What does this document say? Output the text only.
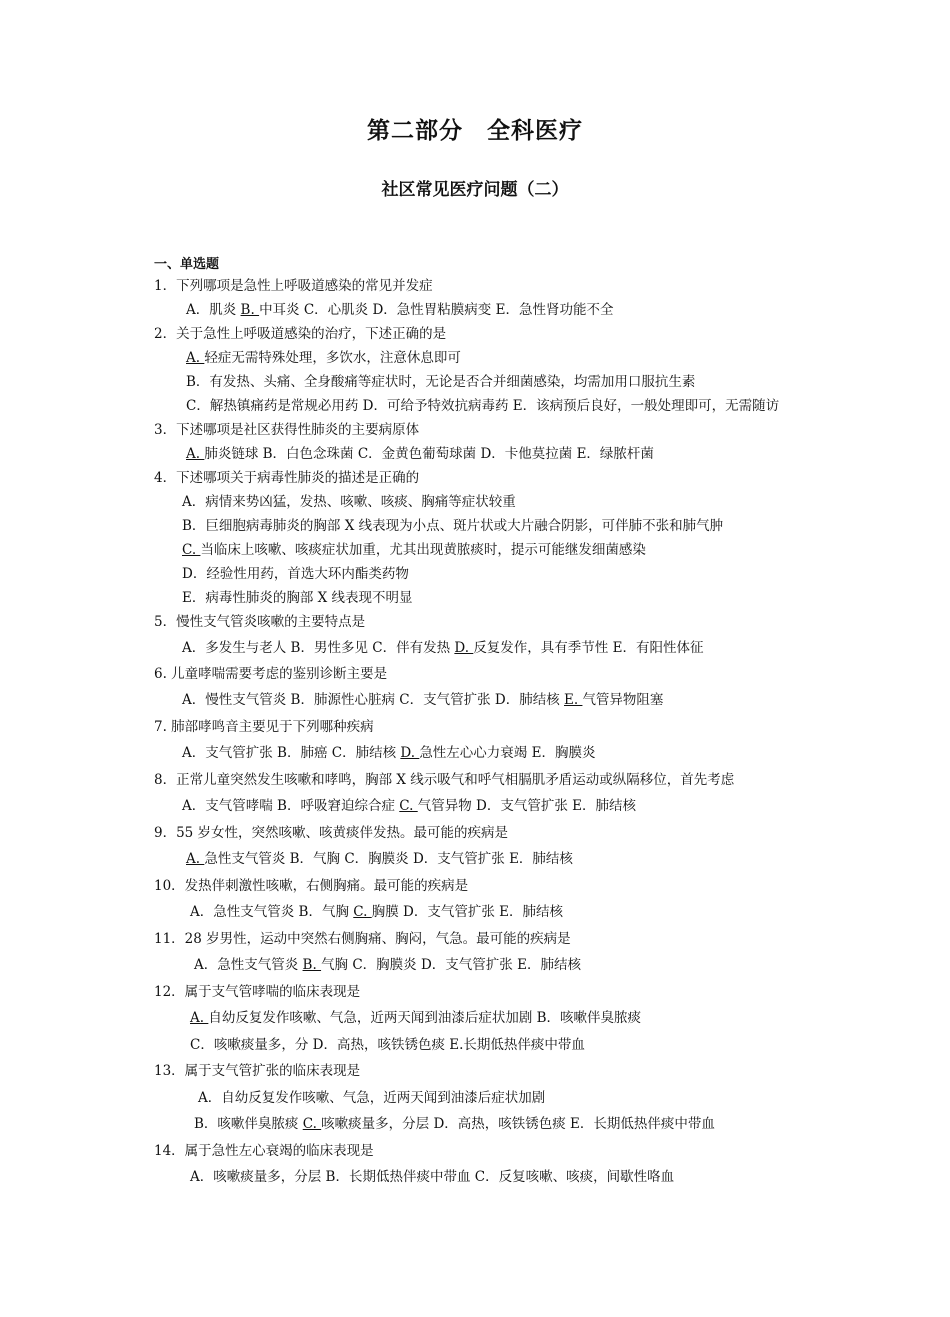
第二部分　全科医疗
社区常见医疗问题（二）
一、单选题
1．下列哪项是急性上呼吸道感染的常见并发症
A．肌炎 B. 中耳炎 C．心肌炎 D．急性胃粘膜病变 E．急性肾功能不全
2．关于急性上呼吸道感染的治疗，下述正确的是
A. 轻症无需特殊处理，多饮水，注意休息即可
B．有发热、头痛、全身酸痛等症状时，无论是否合并细菌感染，均需加用口服抗生素
C．解热镇痛药是常规必用药 D．可给予特效抗病毒药 E．该病预后良好，一般处理即可，无需随访
3．下述哪项是社区获得性肺炎的主要病原体
A. 肺炎链球 B．白色念珠菌 C．金黄色葡萄球菌 D．卡他莫拉菌 E．绿脓杆菌
4．下述哪项关于病毒性肺炎的描述是正确的
A．病情来势凶猛，发热、咳嗽、咳痰、胸痛等症状较重
B．巨细胞病毒肺炎的胸部 X 线表现为小点、斑片状或大片融合阴影，可伴肺不张和肺气肿
C. 当临床上咳嗽、咳痰症状加重，尤其出现黄脓痰时，提示可能继发细菌感染
D．经验性用药，首选大环内酯类药物
E．病毒性肺炎的胸部 X 线表现不明显
5．慢性支气管炎咳嗽的主要特点是
A．多发生与老人 B．男性多见 C．伴有发热 D. 反复发作，具有季节性 E．有阳性体征
6. 儿童哮喘需要考虑的鉴别诊断主要是
A．慢性支气管炎 B．肺源性心脏病 C．支气管扩张 D．肺结核 E. 气管异物阻塞
7. 肺部哮鸣音主要见于下列哪种疾病
A．支气管扩张 B．肺癌 C．肺结核 D. 急性左心心力衰竭 E．胸膜炎
8．正常儿童突然发生咳嗽和哮鸣，胸部 X 线示吸气和呼气相膈肌矛盾运动或纵隔移位，首先考虑
A．支气管哮喘 B．呼吸窘迫综合症 C. 气管异物 D．支气管扩张 E．肺结核
9．55 岁女性，突然咳嗽、咳黄痰伴发热。最可能的疾病是
A. 急性支气管炎 B．气胸 C．胸膜炎 D．支气管扩张 E．肺结核
10．发热伴刺激性咳嗽，右侧胸痛。最可能的疾病是
A．急性支气管炎 B．气胸 C. 胸膜 D．支气管扩张 E．肺结核
11．28 岁男性，运动中突然右侧胸痛、胸闷，气急。最可能的疾病是
A．急性支气管炎 B. 气胸 C．胸膜炎 D．支气管扩张 E．肺结核
12．属于支气管哮喘的临床表现是
A. 自幼反复发作咳嗽、气急，近两天闻到油漆后症状加剧 B．咳嗽伴臭脓痰
C．咳嗽痰量多，分 D．高热，咳铁锈色痰 E.长期低热伴痰中带血
13．属于支气管扩张的临床表现是
A．自幼反复发作咳嗽、气急，近两天闻到油漆后症状加剧
B．咳嗽伴臭脓痰 C. 咳嗽痰量多，分层 D．高热，咳铁锈色痰 E．长期低热伴痰中带血
14．属于急性左心衰竭的临床表现是
A．咳嗽痰量多，分层 B．长期低热伴痰中带血 C．反复咳嗽、咳痰，间歇性咯血
